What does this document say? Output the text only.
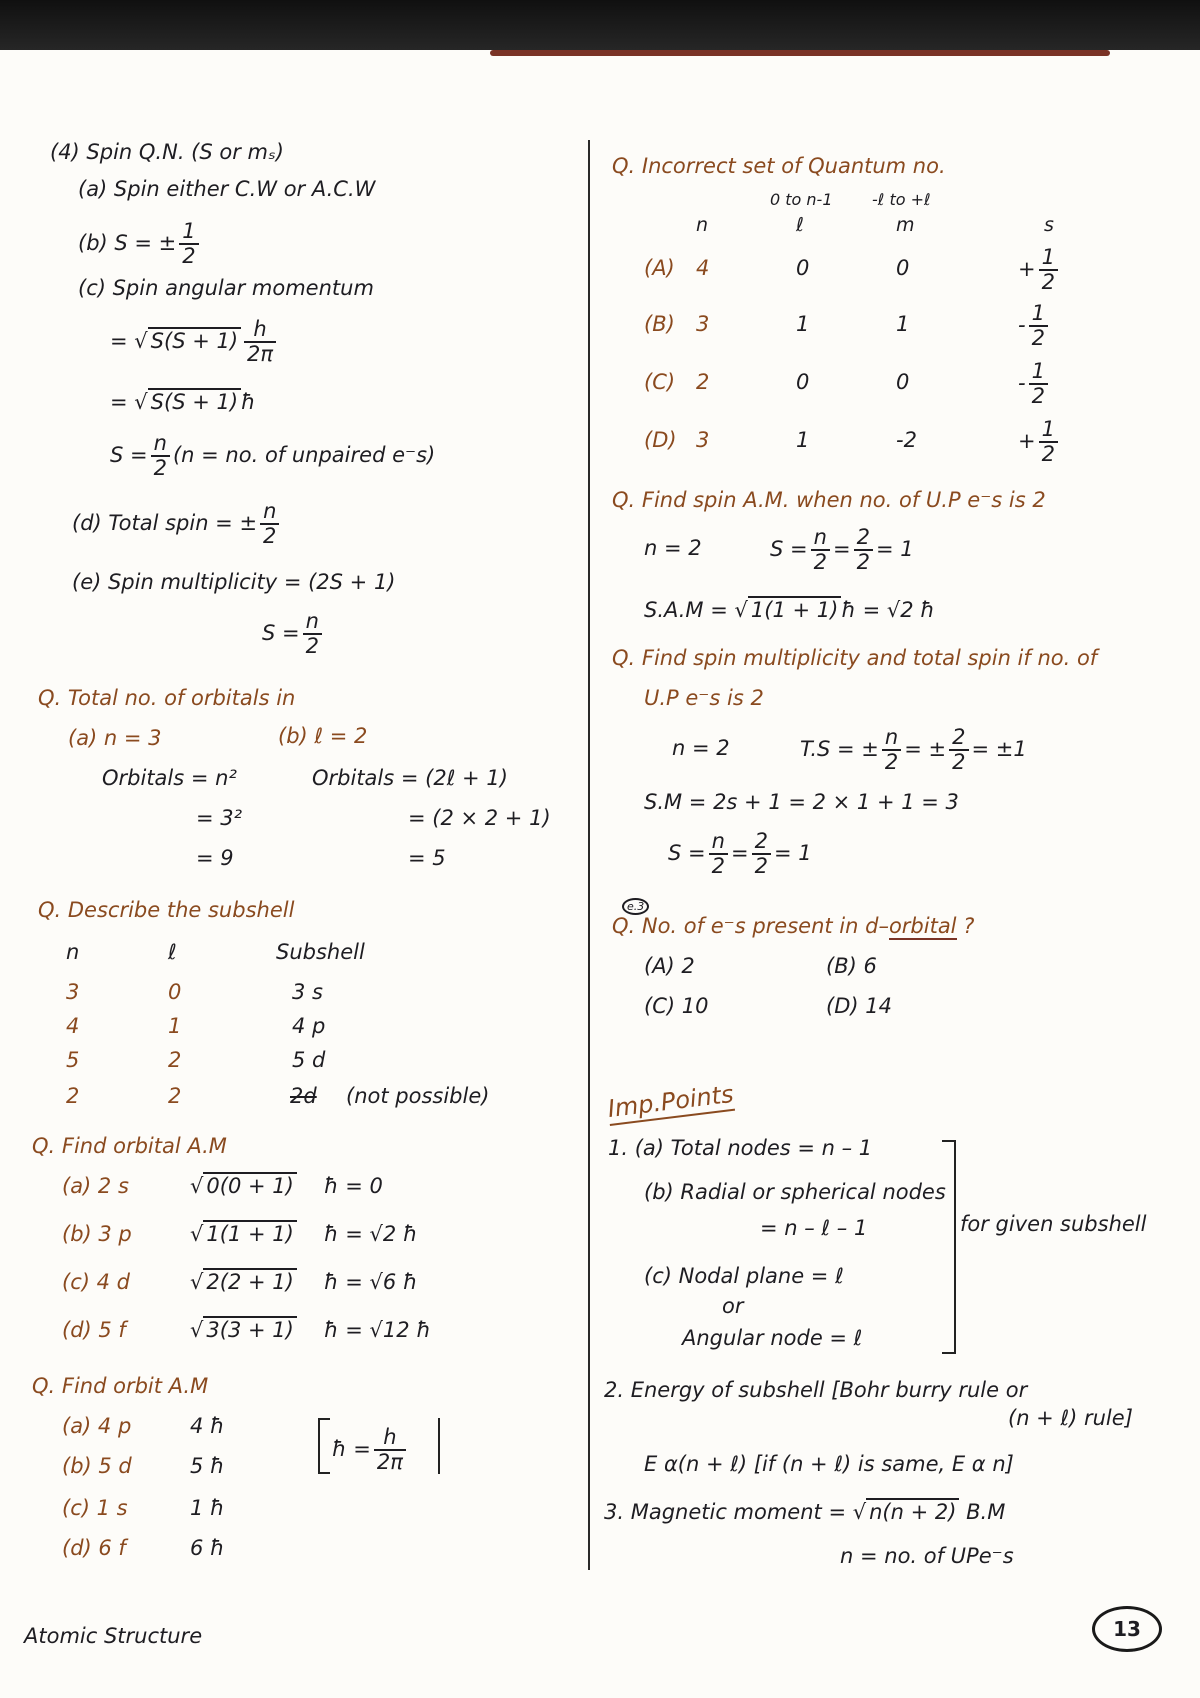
(4) Spin Q.N. (S or mₛ)
(a) Spin either C.W or A.C.W
(b) S = ± $\frac{1}{2}$
(c) Spin angular momentum
= √ $S(S + 1) \frac{h}{2\pi}$
= √ S(S + 1) ħ
$S = \frac{n}{2} (n$ = no. of unpaired e⁻s)
(d) Total spin = ± $\frac{n}{2}$
(e) Spin multiplicity = (2S + 1)
$S = \frac{n}{2}$
Q. Total no. of orbitals in
(a) n = 3	(b) ℓ = 2
Orbitals = n²
= 3²
= 9
Orbitals = (2ℓ + 1)
= (2 × 2 + 1)
= 5
Q. Describe the subshell
n	ℓ	Subshell
3	0	3 s
4	1	4 p
5	2	5 d
2	2	2d (not possible)
Q. Find orbital A.M
(a) 2 s	√ 0(0 + 1) ħ = 0
(b) 3 p	√ 1(1 + 1) ħ = √2 ħ
(c) 4 d	√ 2(2 + 1) ħ = √6 ħ
(d) 5 f	√ 3(3 + 1) ħ = √12 ħ
Q. Find orbit A.M
(a) 4 p	4 ħ
(b) 5 d	5 ħ
(c) 1 s	1 ħ
(d) 6 f	6 ħ
ħ = $\frac{h}{2\pi}$
Atomic Structure
Q. Incorrect set of Quantum no.
0 to n-1 -ℓ to +ℓ
n	ℓ	m	s
(A) 4	0	0	+ $\frac{1}{2}$
(B) 3	1	1	- $\frac{1}{2}$
(C) 2	0	0	- $\frac{1}{2}$
(D) 3	1	-2	+ $\frac{1}{2}$
Q. Find spin A.M. when no. of U.P e⁻s is 2
n = 2	$S = \frac{n}{2} = \frac{2}{2} = 1$
S.A.M = √ 1(1 + 1) ħ = √2 ħ
Q. Find spin multiplicity and total spin if no. of
U.P e⁻s is 2
n = 2	T.S = ± $\frac{n}{2}$ = ± $\frac{2}{2} = \pm 1$
S.M = 2s + 1 = 2 × 1 + 1 = 3
$S = \frac{n}{2} = \frac{2}{2} = 1$
e.3
Q. No. of e⁻s present in d–orbital ?
(A) 2	(B) 6
(C) 10	(D) 14
Imp.Points
1. (a) Total nodes = n – 1
(b) Radial or spherical nodes
= n – ℓ – 1
(c) Nodal plane = ℓ
or
Angular node = ℓ
for given subshell
2. Energy of subshell [Bohr burry rule or
(n + ℓ) rule]
E α(n + ℓ) [if (n + ℓ) is same, E α n]
3. Magnetic moment = √ n(n + 2) B.M
n = no. of UPe⁻s
13
